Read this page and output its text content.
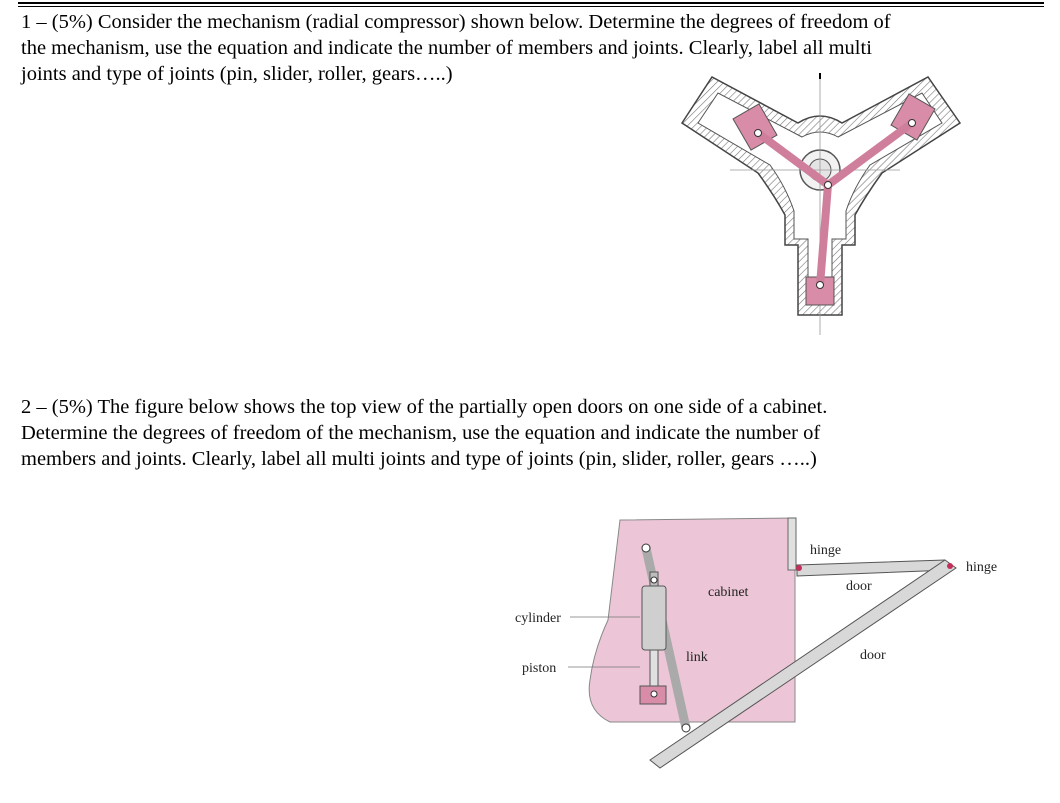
1 – (5%) Consider the mechanism (radial compressor) shown below. Determine the degrees of freedom of
the mechanism, use the equation and indicate the number of members and joints. Clearly, label all multi
joints and type of joints (pin, slider, roller, gears…..)
2 – (5%) The figure below shows the top view of the partially open doors on one side of a cabinet.
Determine the degrees of freedom of the mechanism, use the equation and indicate the number of
members and joints. Clearly, label all multi joints and type of joints (pin, slider, roller, gears …..)
hinge
hinge
door
door
cabinet
cylinder
piston
link
